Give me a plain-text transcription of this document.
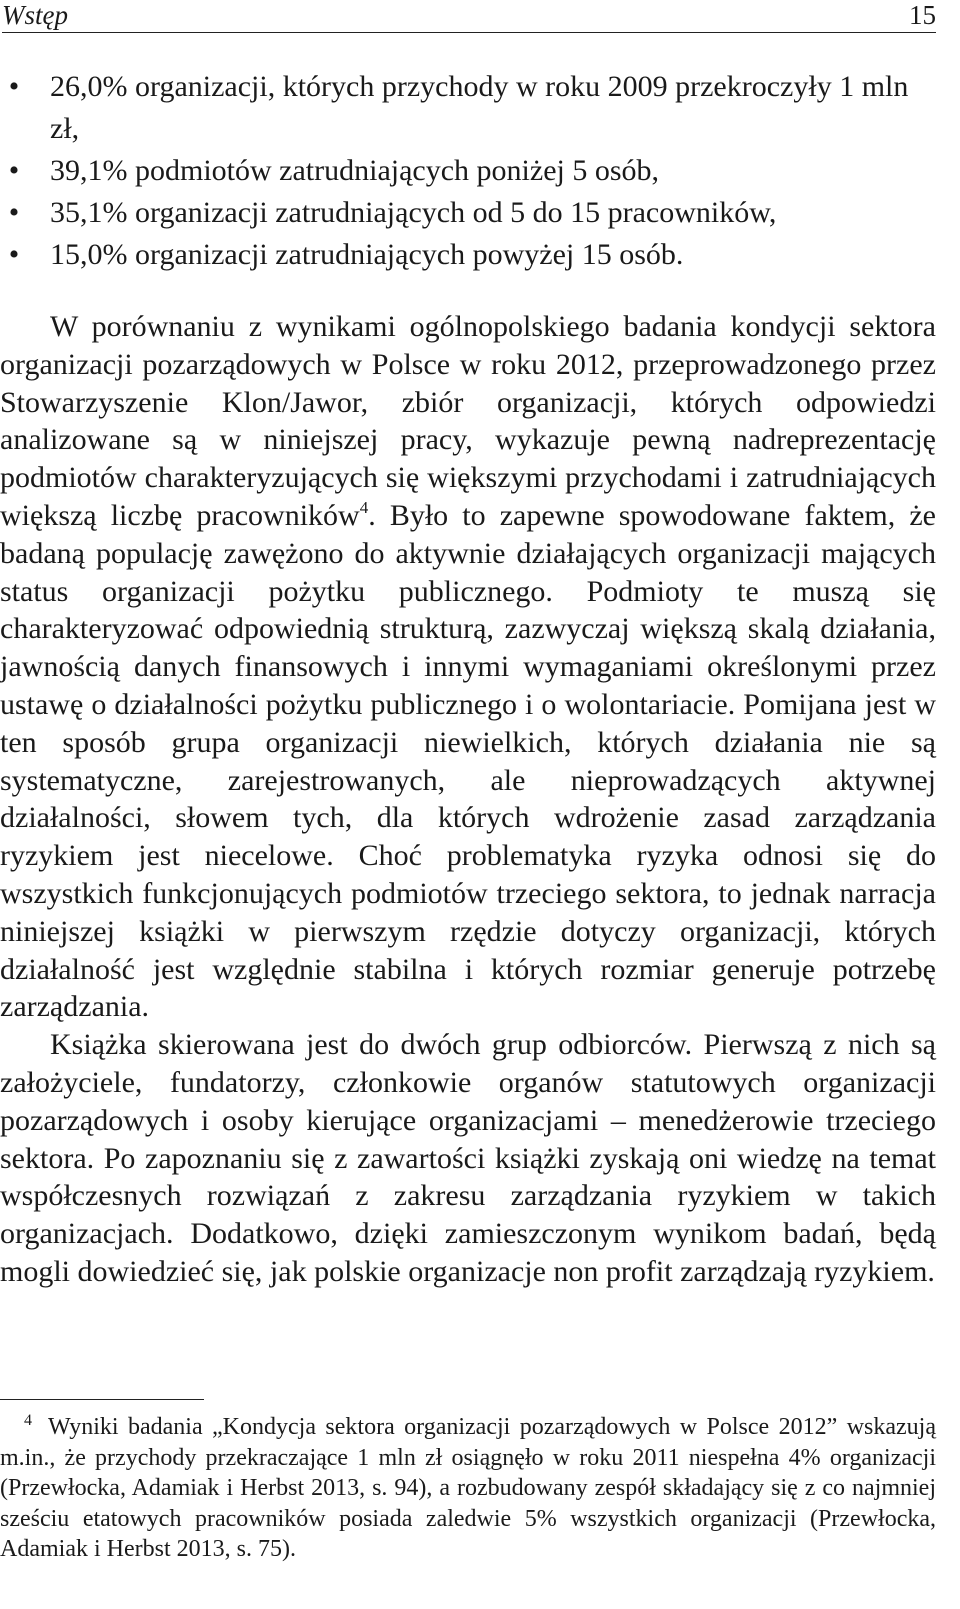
Wstęp	15
• 26,0% organizacji, których przychody w roku 2009 przekroczyły 1 mln zł,
• 39,1% podmiotów zatrudniających poniżej 5 osób,
• 35,1% organizacji zatrudniających od 5 do 15 pracowników,
• 15,0% organizacji zatrudniających powyżej 15 osób.

W porównaniu z wynikami ogólnopolskiego badania kondycji sektora organizacji pozarządowych w Polsce w roku 2012, przeprowadzonego przez Stowarzyszenie Klon/Jawor, zbiór organizacji, których odpowiedzi analizowane są w niniejszej pracy, wykazuje pewną nadreprezentację podmiotów charakteryzujących się większymi przychodami i zatrudniających większą liczbę pracowników$^4$. Było to zapewne spowodowane faktem, że badaną populację zawężono do aktywnie działających organizacji mających status organizacji pożytku publicznego. Podmioty te muszą się charakteryzować odpowiednią strukturą, zazwyczaj większą skalą działania, jawnością danych finansowych i innymi wymaganiami określonymi przez ustawę o działalności pożytku publicznego i o wolontariacie. Pomijana jest w ten sposób grupa organizacji niewielkich, których działania nie są systematyczne, zarejestrowanych, ale nieprowadzących aktywnej działalności, słowem tych, dla których wdrożenie zasad zarządzania ryzykiem jest niecelowe. Choć problematyka ryzyka odnosi się do wszystkich funkcjonujących podmiotów trzeciego sektora, to jednak narracja niniejszej książki w pierwszym rzędzie dotyczy organizacji, których działalność jest względnie stabilna i których rozmiar generuje potrzebę zarządzania.

Książka skierowana jest do dwóch grup odbiorców. Pierwszą z nich są założyciele, fundatorzy, członkowie organów statutowych organizacji pozarządowych i osoby kierujące organizacjami – menedżerowie trzeciego sektora. Po zapoznaniu się z zawartości książki zyskają oni wiedzę na temat współczesnych rozwiązań z zakresu zarządzania ryzykiem w takich organizacjach. Dodatkowo, dzięki zamieszczonym wynikom badań, będą mogli dowiedzieć się, jak polskie organizacje non profit zarządzają ryzykiem.

$^4$ Wyniki badania „Kondycja sektora organizacji pozarządowych w Polsce 2012” wskazują m.in., że przychody przekraczające 1 mln zł osiągnęło w roku 2011 niespełna 4% organizacji (Przewłocka, Adamiak i Herbst 2013, s. 94), a rozbudowany zespół składający się z co najmniej sześciu etatowych pracowników posiada zaledwie 5% wszystkich organizacji (Przewłocka, Adamiak i Herbst 2013, s. 75).
